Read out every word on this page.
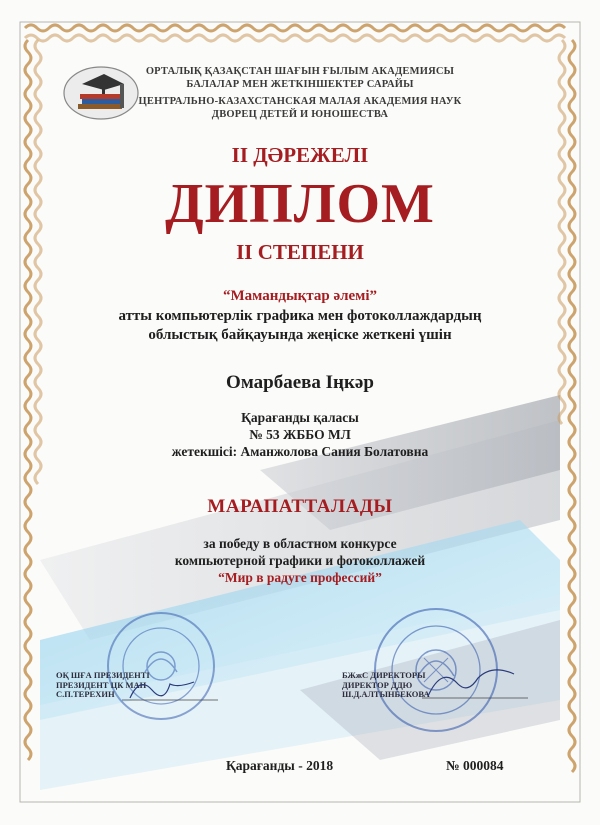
ОРТАЛЫҚ ҚАЗАҚСТАН ШАҒЫН ҒЫЛЫМ АКАДЕМИЯСЫ
БАЛАЛАР МЕН ЖЕТКІНШЕКТЕР САРАЙЫ
ЦЕНТРАЛЬНО-КАЗАХСТАНСКАЯ МАЛАЯ АКАДЕМИЯ НАУК
ДВОРЕЦ ДЕТЕЙ И ЮНОШЕСТВА
II ДӘРЕЖЕЛІ
ДИПЛОМ
II СТЕПЕНИ
“Мамандықтар әлемі”
атты компьютерлік графика мен фотоколлаждардың
облыстық байқауында жеңіске жеткені үшін
Омарбаева Іңкәр
Қарағанды қаласы
№ 53 ЖББО МЛ
жетекшісі: Аманжолова Сания Болатовна
МАРАПАТТАЛАДЫ
за победу в областном конкурсе
компьютерной графики и фотоколлажей
“Мир в радуге профессий”
ОҚ ШҒА ПРЕЗИДЕНТІ
ПРЕЗИДЕНТ ЦК МАН
С.П.ТЕРЕХИН
БЖжС ДИРЕКТОРЫ
ДИРЕКТОР ДДЮ
Ш.Д.АЛТЫНБЕКОВА
Қарағанды - 2018	№ 000084
